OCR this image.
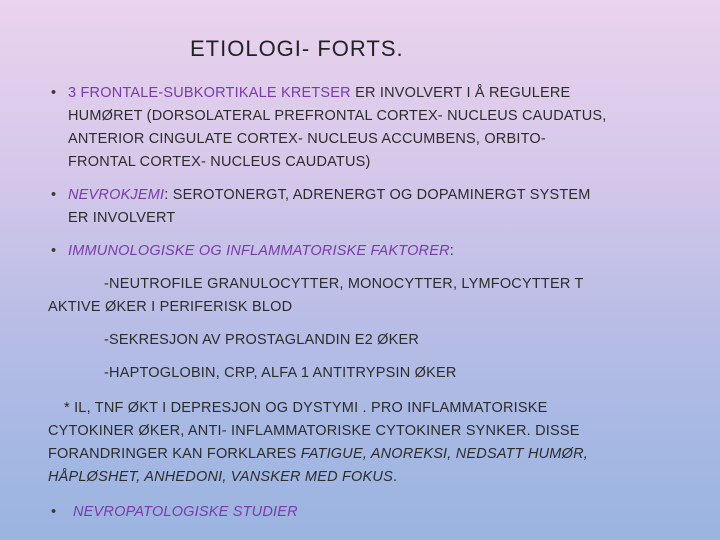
ETIOLOGI- FORTS.
• 3 FRONTALE-SUBKORTIKALE KRETSER ER INVOLVERT I Å REGULERE HUMØRET (DORSOLATERAL PREFRONTAL CORTEX- NUCLEUS CAUDATUS, ANTERIOR CINGULATE CORTEX- NUCLEUS ACCUMBENS, ORBITO-FRONTAL CORTEX- NUCLEUS CAUDATUS)
• NEVROKJEMI: SEROTONERGT, ADRENERGT OG DOPAMINERGT SYSTEM ER INVOLVERT
• IMMUNOLOGISKE OG INFLAMMATORISKE FAKTORER:
-NEUTROFILE GRANULOCYTTER, MONOCYTTER, LYMFOCYTTER T AKTIVE ØKER I PERIFERISK BLOD
-SEKRESJON AV PROSTAGLANDIN E2 ØKER
-HAPTOGLOBIN, CRP, ALFA 1 ANTITRYPSIN ØKER
* IL, TNF ØKT I DEPRESJON OG DYSTYMI . PRO INFLAMMATORISKE CYTOKINER ØKER, ANTI- INFLAMMATORISKE CYTOKINER SYNKER. DISSE FORANDRINGER KAN FORKLARES FATIGUE, ANOREKSI, NEDSATT HUMØR, HÅPLØSHET, ANHEDONI, VANSKER MED FOKUS.
• NEVROPATOLOGISKE STUDIER
